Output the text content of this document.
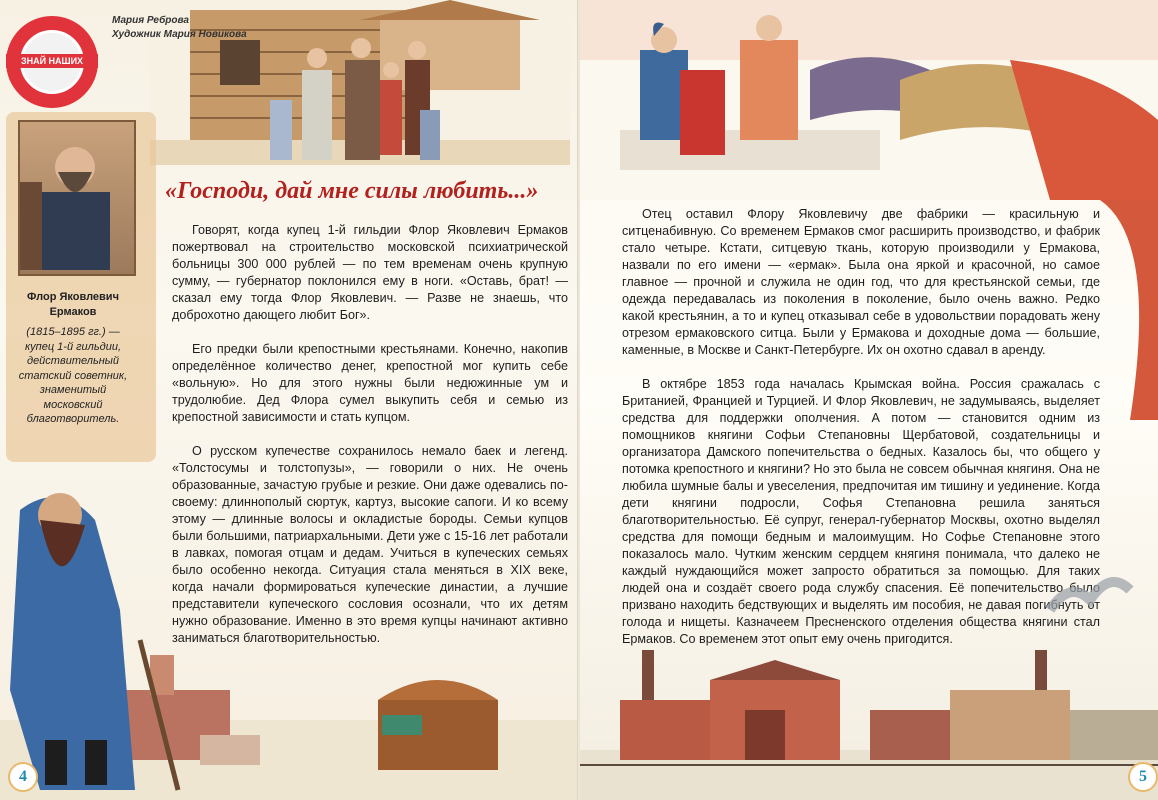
ЗНАЙ НАШИХ
Мария Реброва
Художник Мария Новикова
Флор Яковлевич Ермаков
(1815–1895 гг.) — купец 1-й гильдии, действительный статский советник, знаменитый московский благотворитель.
«Господи, дай мне силы любить...»

Говорят, когда купец 1-й гильдии Флор Яковлевич Ермаков пожертвовал на строительство московской психиатрической больницы 300 000 рублей — по тем временам очень крупную сумму, — губернатор поклонился ему в ноги. «Оставь, брат! — сказал ему тогда Флор Яковлевич. — Разве не знаешь, что доброхотно дающего любит Бог».

Его предки были крепостными крестьянами. Конечно, накопив определённое количество денег, крепостной мог купить себе «вольную». Но для этого нужны были недюжинные ум и трудолюбие. Дед Флора сумел выкупить себя и семью из крепостной зависимости и стать купцом.

О русском купечестве сохранилось немало баек и легенд. «Толстосумы и толстопузы», — говорили о них. Не очень образованные, зачастую грубые и резкие. Они даже одевались по-своему: длиннополый сюртук, картуз, высокие сапоги. И ко всему этому — длинные волосы и окладистые бороды. Семьи купцов были большими, патриархальными. Дети уже с 15-16 лет работали в лавках, помогая отцам и дедам. Учиться в купеческих семьях было особенно некогда. Ситуация стала меняться в XIX веке, когда начали формироваться купеческие династии, а лучшие представители купеческого сословия осознали, что их детям нужно образование. Именно в это время купцы начинают активно заниматься благотворительностью.

4

Отец оставил Флору Яковлевичу две фабрики — красильную и ситценабивную. Со временем Ермаков смог расширить производство, и фабрик стало четыре. Кстати, ситцевую ткань, которую производили у Ермакова, назвали по его имени — «ермак». Была она яркой и красочной, но самое главное — прочной и служила не один год, что для крестьянской семьи, где одежда передавалась из поколения в поколение, было очень важно. Редко какой крестьянин, а то и купец отказывал себе в удовольствии порадовать жену отрезом ермаковского ситца. Были у Ермакова и доходные дома — большие, каменные, в Москве и Санкт-Петербурге. Их он охотно сдавал в аренду.

В октябре 1853 года началась Крымская война. Россия сражалась с Британией, Францией и Турцией. И Флор Яковлевич, не задумываясь, выделяет средства для поддержки ополчения. А потом — становится одним из помощников княгини Софьи Степановны Щербатовой, создательницы и организатора Дамского попечительства о бедных. Казалось бы, что общего у потомка крепостного и княгини? Но это была не совсем обычная княгиня. Она не любила шумные балы и увеселения, предпочитая им тишину и уединение. Когда дети княгини подросли, Софья Степановна решила заняться благотворительностью. Её супруг, генерал-губернатор Москвы, охотно выделял средства для помощи бедным и малоимущим. Но Софье Степановне этого показалось мало. Чутким женским сердцем княгиня понимала, что далеко не каждый нуждающийся может запросто обратиться за помощью. Для таких людей она и создаёт своего рода службу спасения. Её попечительство было призвано находить бедствующих и выделять им пособия, не давая погибнуть от голода и нищеты. Казначеем Пресненского отделения общества княгини стал Ермаков. Со временем этот опыт ему очень пригодится.

5
